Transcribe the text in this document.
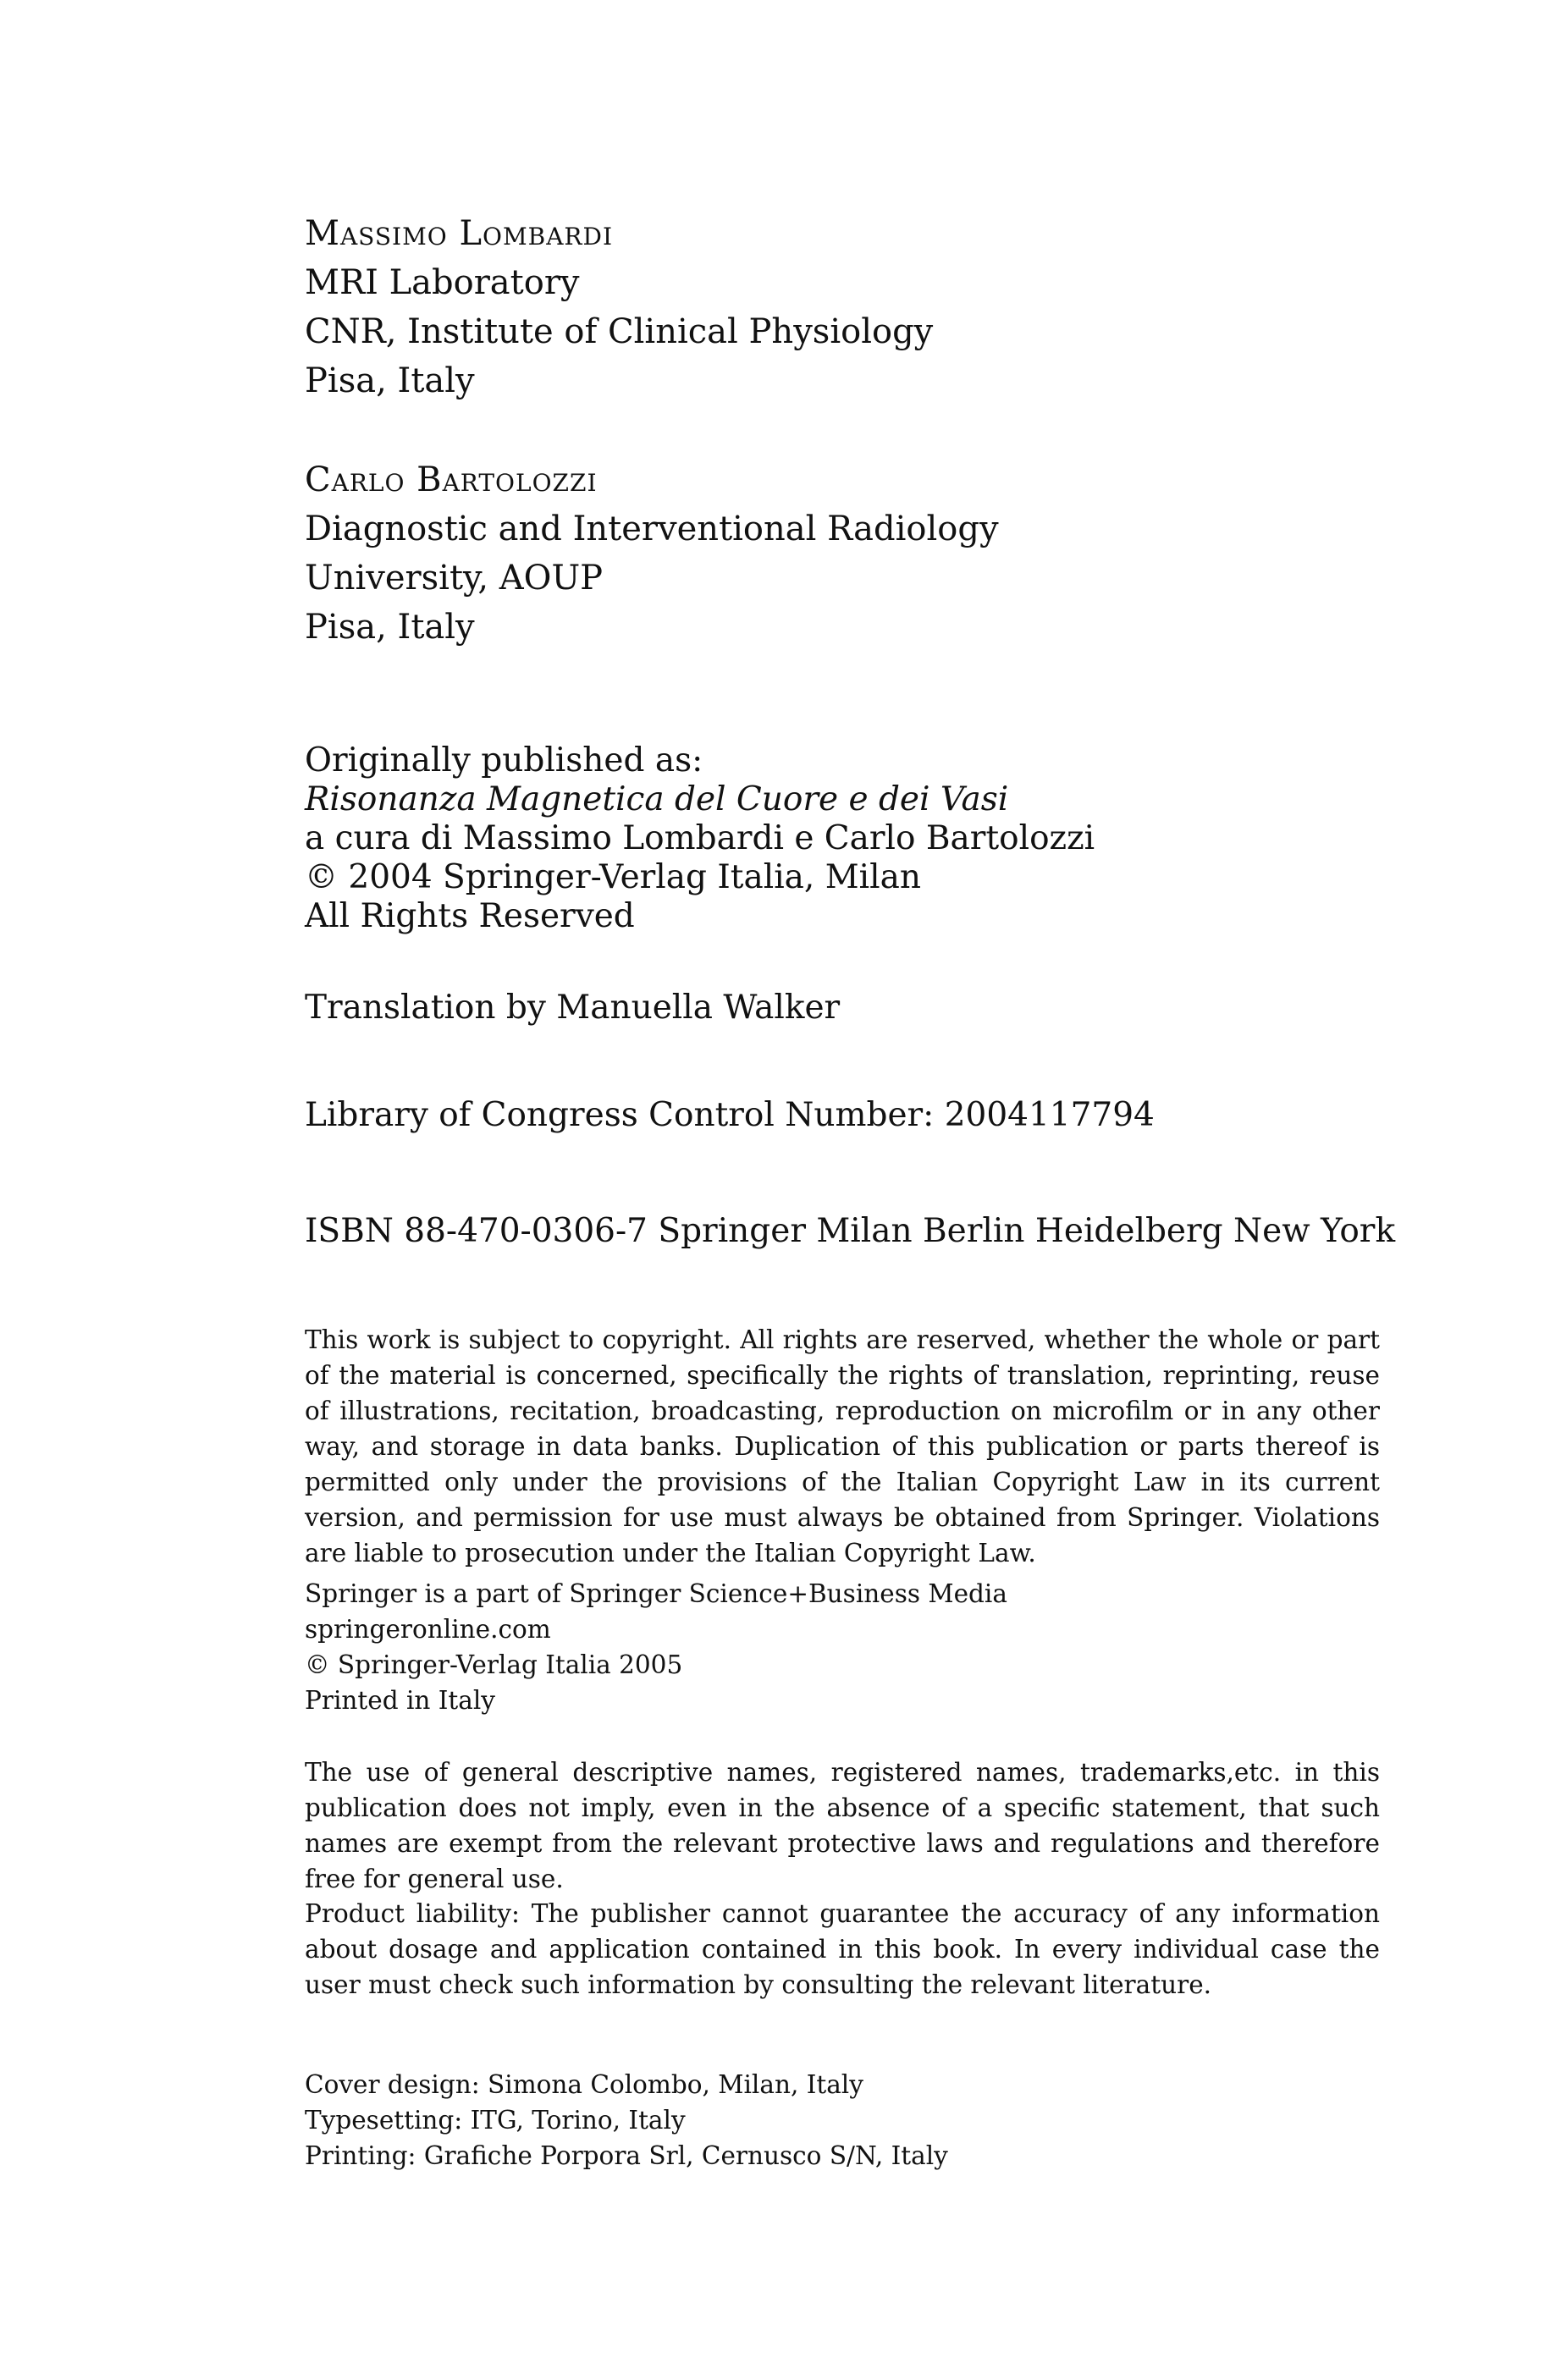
Massimo Lombardi
MRI Laboratory
CNR, Institute of Clinical Physiology
Pisa, Italy
Carlo Bartolozzi
Diagnostic and Interventional Radiology
University, AOUP
Pisa, Italy
Originally published as:
Risonanza Magnetica del Cuore e dei Vasi
a cura di Massimo Lombardi e Carlo Bartolozzi
© 2004 Springer-Verlag Italia, Milan
All Rights Reserved
Translation by Manuella Walker
Library of Congress Control Number: 2004117794
ISBN 88-470-0306-7 Springer Milan Berlin Heidelberg New York
This work is subject to copyright. All rights are reserved, whether the whole or part of the material is concerned, specifically the rights of translation, reprinting, reuse of illustrations, recitation, broadcasting, reproduction on microfilm or in any other way, and storage in data banks. Duplication of this publication or parts thereof is permitted only under the provisions of the Italian Copyright Law in its current version, and permission for use must always be obtained from Springer. Violations are liable to prosecution under the Italian Copyright Law.
Springer is a part of Springer Science+Business Media
springeronline.com
© Springer-Verlag Italia 2005
Printed in Italy
The use of general descriptive names, registered names, trademarks,etc. in this publication does not imply, even in the absence of a specific statement, that such names are exempt from the relevant protective laws and regulations and therefore free for general use.
Product liability: The publisher cannot guarantee the accuracy of any information about dosage and application contained in this book. In every individual case the user must check such information by consulting the relevant literature.
Cover design: Simona Colombo, Milan, Italy
Typesetting: ITG, Torino, Italy
Printing: Grafiche Porpora Srl, Cernusco S/N, Italy
